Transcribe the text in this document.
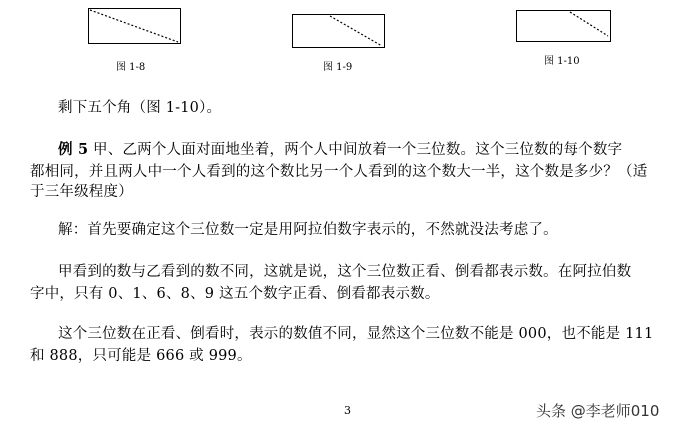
图 1-8	图 1-9
图 1-10
剩下五个角（图 1-10）。
例 5 甲、乙两个人面对面地坐着，两个人中间放着一个三位数。这个三位数的每个数字
都相同，并且两人中一个人看到的这个数比另一个人看到的这个数大一半，这个数是多少？（适
于三年级程度）
解：首先要确定这个三位数一定是用阿拉伯数字表示的，不然就没法考虑了。
甲看到的数与乙看到的数不同，这就是说，这个三位数正看、倒看都表示数。在阿拉伯数
字中，只有 0、1、6、8、9 这五个数字正看、倒看都表示数。
这个三位数在正看、倒看时，表示的数值不同，显然这个三位数不能是 000，也不能是 111
和 888，只可能是 666 或 999。
3	头条 @李老师010
